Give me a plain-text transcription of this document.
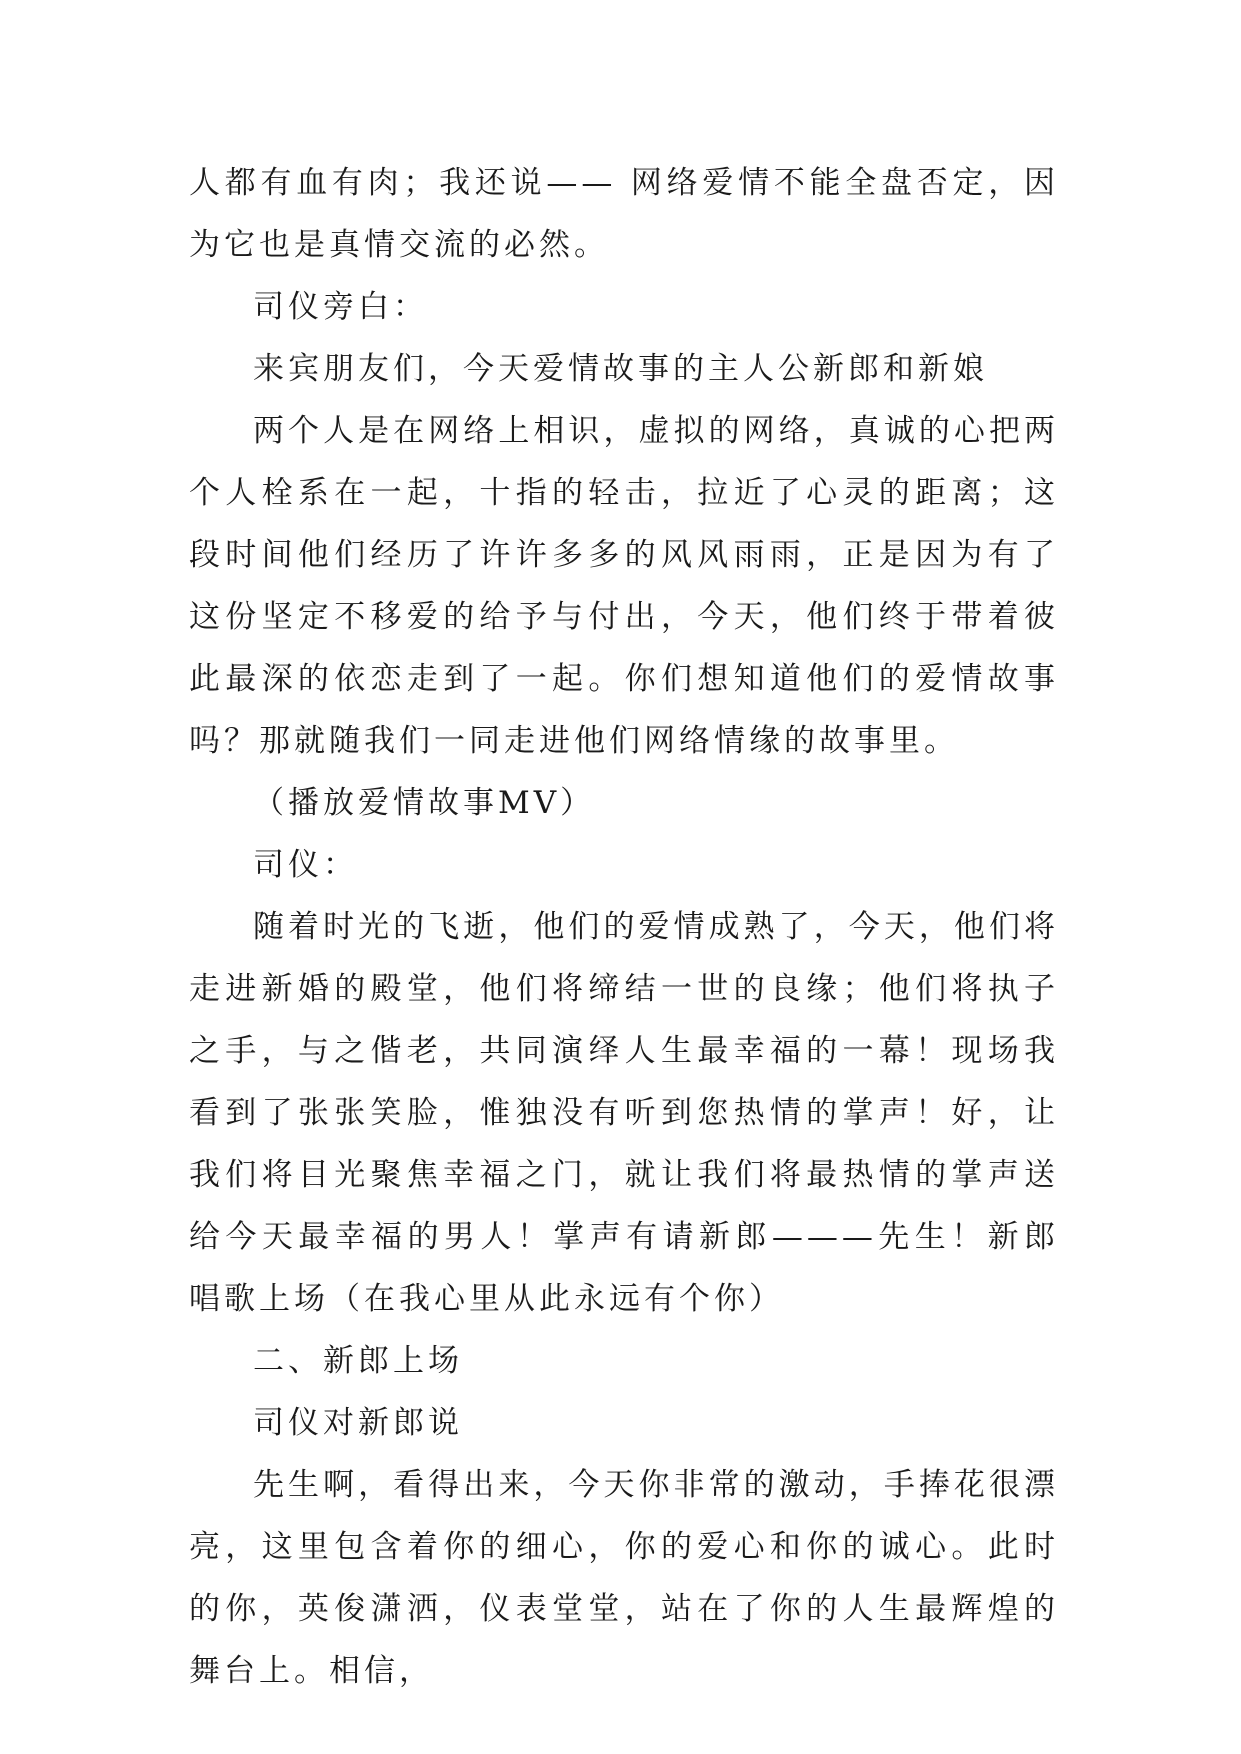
人都有血有肉；我还说—— 网络爱情不能全盘否定，因为它也是真情交流的必然。

司仪旁白：

来宾朋友们，今天爱情故事的主人公新郎和新娘

两个人是在网络上相识，虚拟的网络，真诚的心把两个人栓系在一起，十指的轻击，拉近了心灵的距离；这段时间他们经历了许许多多的风风雨雨，正是因为有了这份坚定不移爱的给予与付出，今天，他们终于带着彼此最深的依恋走到了一起。你们想知道他们的爱情故事吗？那就随我们一同走进他们网络情缘的故事里。

（播放爱情故事MV）

司仪：

随着时光的飞逝，他们的爱情成熟了，今天，他们将走进新婚的殿堂，他们将缔结一世的良缘；他们将执子之手，与之偕老，共同演绎人生最幸福的一幕！现场我看到了张张笑脸，惟独没有听到您热情的掌声！好，让我们将目光聚焦幸福之门，就让我们将最热情的掌声送给今天最幸福的男人！掌声有请新郎———先生！新郎唱歌上场（在我心里从此永远有个你）

二、新郎上场

司仪对新郎说

先生啊，看得出来，今天你非常的激动，手捧花很漂亮，这里包含着你的细心，你的爱心和你的诚心。此时的你，英俊潇洒，仪表堂堂，站在了你的人生最辉煌的舞台上。相信，
